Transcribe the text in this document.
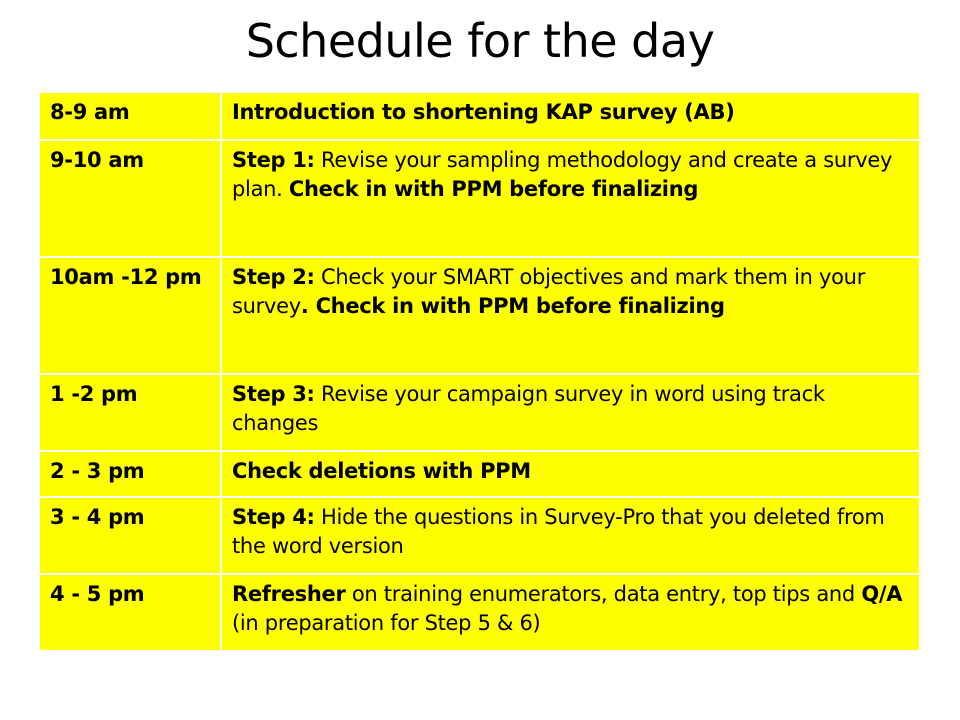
Schedule for the day
8-9 am	Introduction to shortening KAP survey (AB)
9-10 am	Step 1: Revise your sampling methodology and create a survey plan. Check in with PPM before finalizing
10am -12 pm	Step 2: Check your SMART objectives and mark them in your survey. Check in with PPM before finalizing
1 -2 pm	Step 3: Revise your campaign survey in word using track changes
2 - 3 pm	Check deletions with PPM
3 - 4 pm	Step 4: Hide the questions in Survey-Pro that you deleted from the word version
4 - 5 pm	Refresher on training enumerators, data entry, top tips and Q/A (in preparation for Step 5 & 6)
